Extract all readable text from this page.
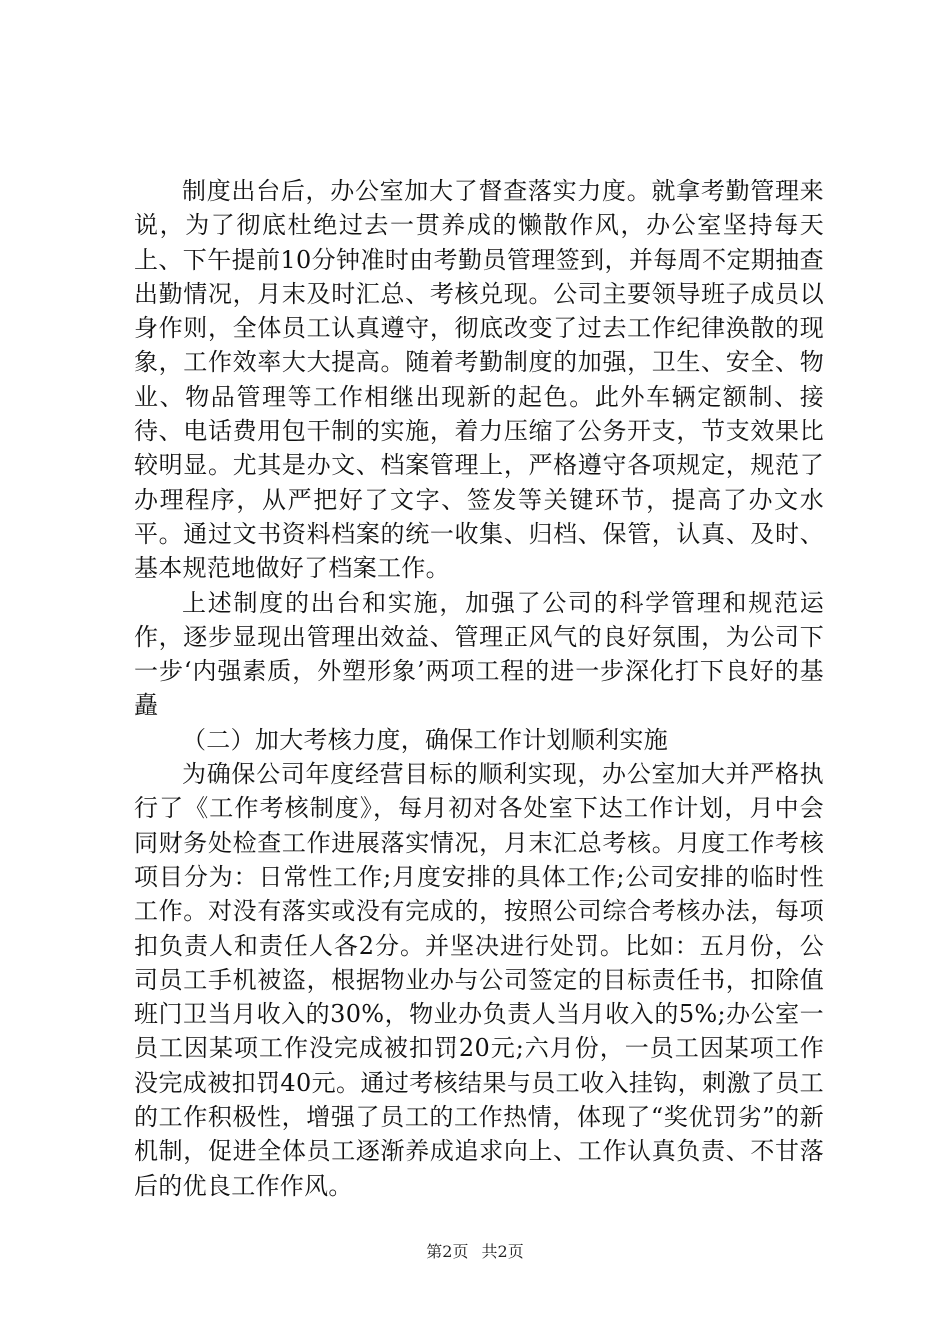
制度出台后，办公室加大了督查落实力度。就拿考勤管理来说，为了彻底杜绝过去一贯养成的懒散作风，办公室坚持每天上、下午提前10分钟准时由考勤员管理签到，并每周不定期抽查出勤情况，月末及时汇总、考核兑现。公司主要领导班子成员以身作则，全体员工认真遵守，彻底改变了过去工作纪律涣散的现象，工作效率大大提高。随着考勤制度的加强，卫生、安全、物业、物品管理等工作相继出现新的起色。此外车辆定额制、接待、电话费用包干制的实施，着力压缩了公务开支，节支效果比较明显。尤其是办文、档案管理上，严格遵守各项规定，规范了办理程序，从严把好了文字、签发等关键环节，提高了办文水平。通过文书资料档案的统一收集、归档、保管，认真、及时、基本规范地做好了档案工作。

上述制度的出台和实施，加强了公司的科学管理和规范运作，逐步显现出管理出效益、管理正风气的良好氛围，为公司下一步‘内强素质，外塑形象’两项工程的进一步深化打下良好的基矗

（二）加大考核力度，确保工作计划顺利实施

为确保公司年度经营目标的顺利实现，办公室加大并严格执行了《工作考核制度》，每月初对各处室下达工作计划，月中会同财务处检查工作进展落实情况，月末汇总考核。月度工作考核项目分为：日常性工作;月度安排的具体工作;公司安排的临时性工作。对没有落实或没有完成的，按照公司综合考核办法，每项扣负责人和责任人各2分。并坚决进行处罚。比如：五月份，公司员工手机被盗，根据物业办与公司签定的目标责任书，扣除值班门卫当月收入的30%，物业办负责人当月收入的5%;办公室一员工因某项工作没完成被扣罚20元;六月份，一员工因某项工作没完成被扣罚40元。通过考核结果与员工收入挂钩，刺激了员工的工作积极性，增强了员工的工作热情，体现了“奖优罚劣”的新机制，促进全体员工逐渐养成追求向上、工作认真负责、不甘落后的优良工作作风。

第2页 共2页
